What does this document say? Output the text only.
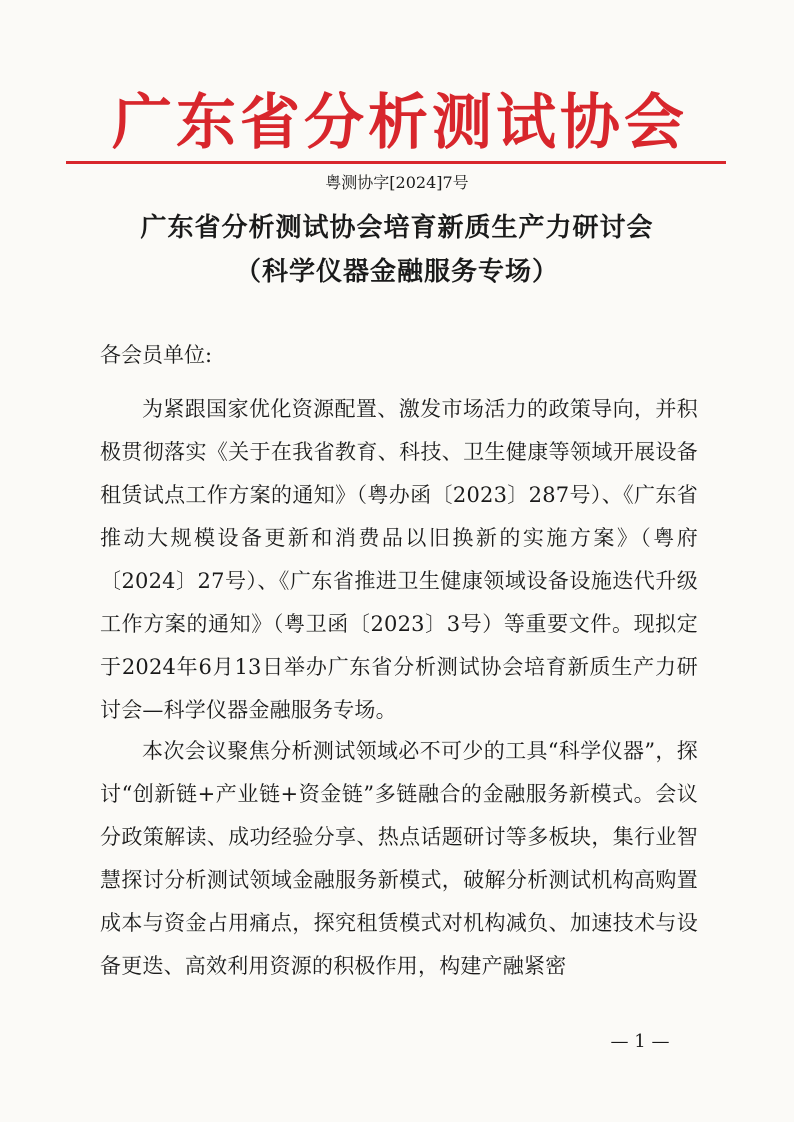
广东省分析测试协会
粤测协字[2024]7号
广东省分析测试协会培育新质生产力研讨会
（科学仪器金融服务专场）
各会员单位:
为紧跟国家优化资源配置、激发市场活力的政策导向，并积极贯彻落实《关于在我省教育、科技、卫生健康等领域开展设备租赁试点工作方案的通知》（粤办函〔2023〕287号）、《广东省推动大规模设备更新和消费品以旧换新的实施方案》（粤府〔2024〕27号）、《广东省推进卫生健康领域设备设施迭代升级工作方案的通知》（粤卫函〔2023〕3号）等重要文件。现拟定于2024年6月13日举办广东省分析测试协会培育新质生产力研讨会—科学仪器金融服务专场。
本次会议聚焦分析测试领域必不可少的工具“科学仪器”，探讨“创新链+产业链+资金链”多链融合的金融服务新模式。会议分政策解读、成功经验分享、热点话题研讨等多板块，集行业智慧探讨分析测试领域金融服务新模式，破解分析测试机构高购置成本与资金占用痛点，探究租赁模式对机构减负、加速技术与设备更迭、高效利用资源的积极作用，构建产融紧密
— 1 —
